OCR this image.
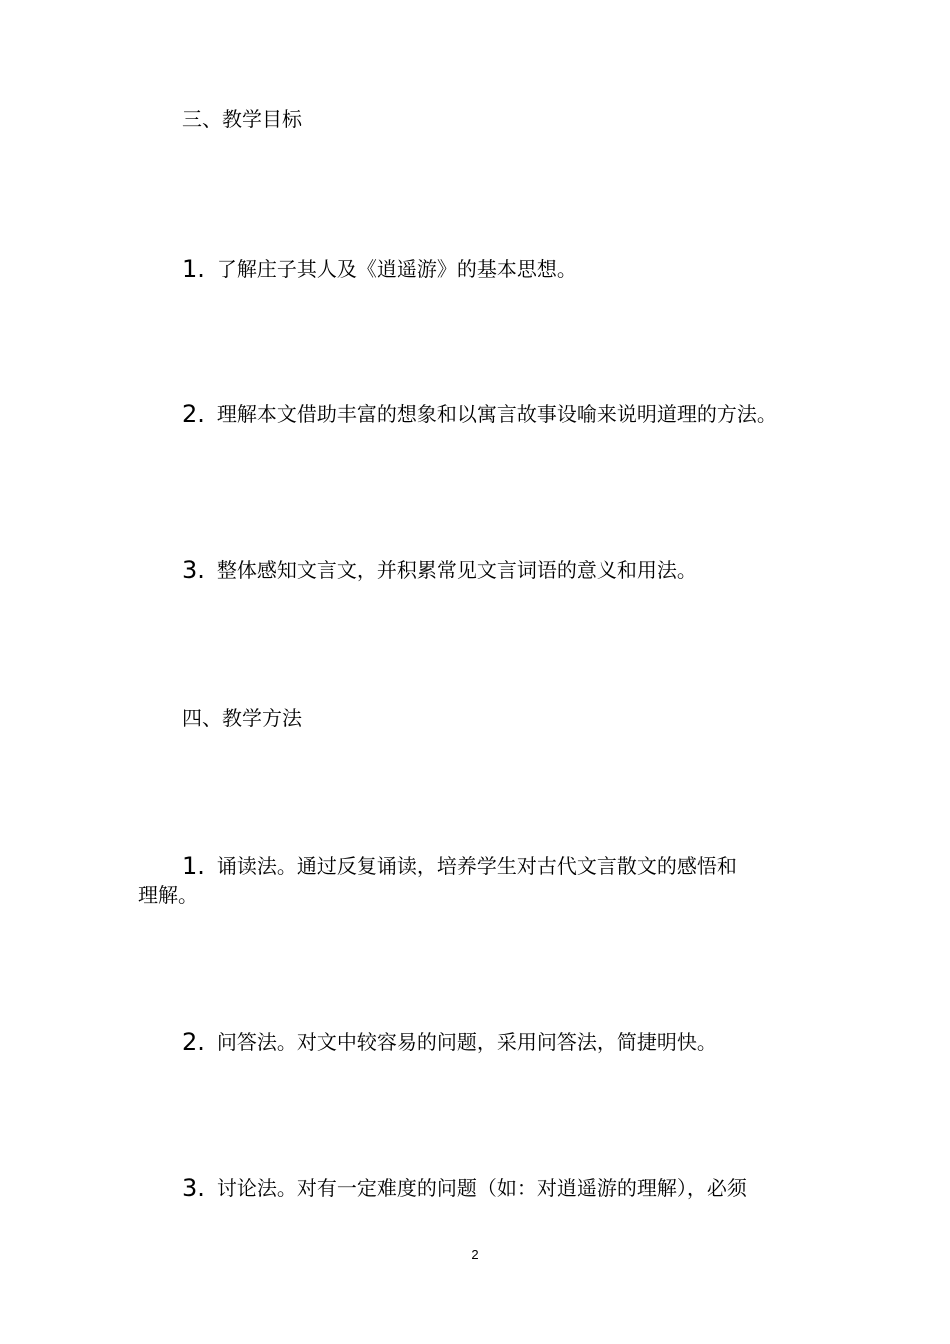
三、教学目标
1. 了解庄子其人及《逍遥游》的基本思想。
2. 理解本文借助丰富的想象和以寓言故事设喻来说明道理的方法。
3. 整体感知文言文，并积累常见文言词语的意义和用法。
四、教学方法
1. 诵读法。通过反复诵读，培养学生对古代文言散文的感悟和
理解。
2. 问答法。对文中较容易的问题，采用问答法，简捷明快。
3. 讨论法。对有一定难度的问题（如：对逍遥游的理解），必须
2
